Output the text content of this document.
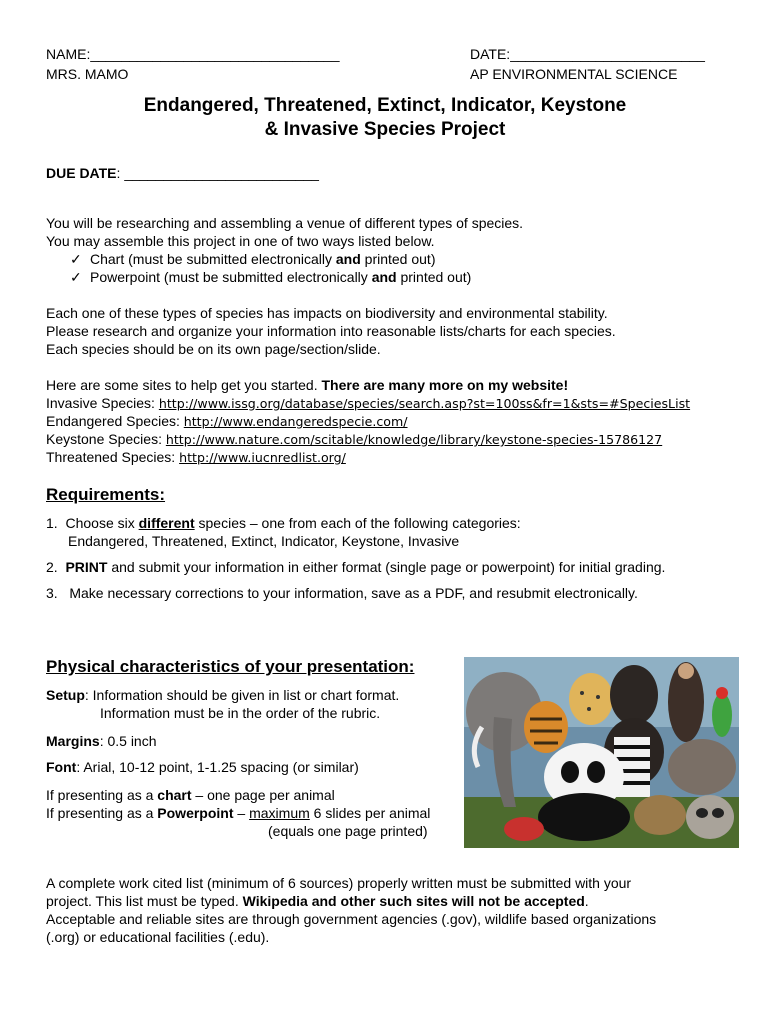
NAME:________________________________	DATE:_________________________
MRS. MAMO	AP ENVIRONMENTAL SCIENCE
Endangered, Threatened, Extinct, Indicator, Keystone
& Invasive Species Project
DUE DATE: _________________________
You will be researching and assembling a venue of different types of species.
You may assemble this project in one of two ways listed below.
✓ Chart (must be submitted electronically and printed out)
✓ Powerpoint (must be submitted electronically and printed out)
Each one of these types of species has impacts on biodiversity and environmental stability.
Please research and organize your information into reasonable lists/charts for each species.
Each species should be on its own page/section/slide.
Here are some sites to help get you started. There are many more on my website!
Invasive Species: http://www.issg.org/database/species/search.asp?st=100ss&fr=1&sts=#SpeciesList
Endangered Species: http://www.endangeredspecie.com/
Keystone Species: http://www.nature.com/scitable/knowledge/library/keystone-species-15786127
Threatened Species: http://www.iucnredlist.org/
Requirements:
1. Choose six different species – one from each of the following categories:
Endangered, Threatened, Extinct, Indicator, Keystone, Invasive
2. PRINT and submit your information in either format (single page or powerpoint) for initial grading.
3. Make necessary corrections to your information, save as a PDF, and resubmit electronically.
Physical characteristics of your presentation:
Setup: Information should be given in list or chart format.
Information must be in the order of the rubric.
Margins: 0.5 inch
Font: Arial, 10-12 point, 1-1.25 spacing (or similar)
If presenting as a chart – one page per animal
If presenting as a Powerpoint – maximum 6 slides per animal
(equals one page printed)
A complete work cited list (minimum of 6 sources) properly written must be submitted with your
project. This list must be typed. Wikipedia and other such sites will not be accepted.
Acceptable and reliable sites are through government agencies (.gov), wildlife based organizations
(.org) or educational facilities (.edu).
